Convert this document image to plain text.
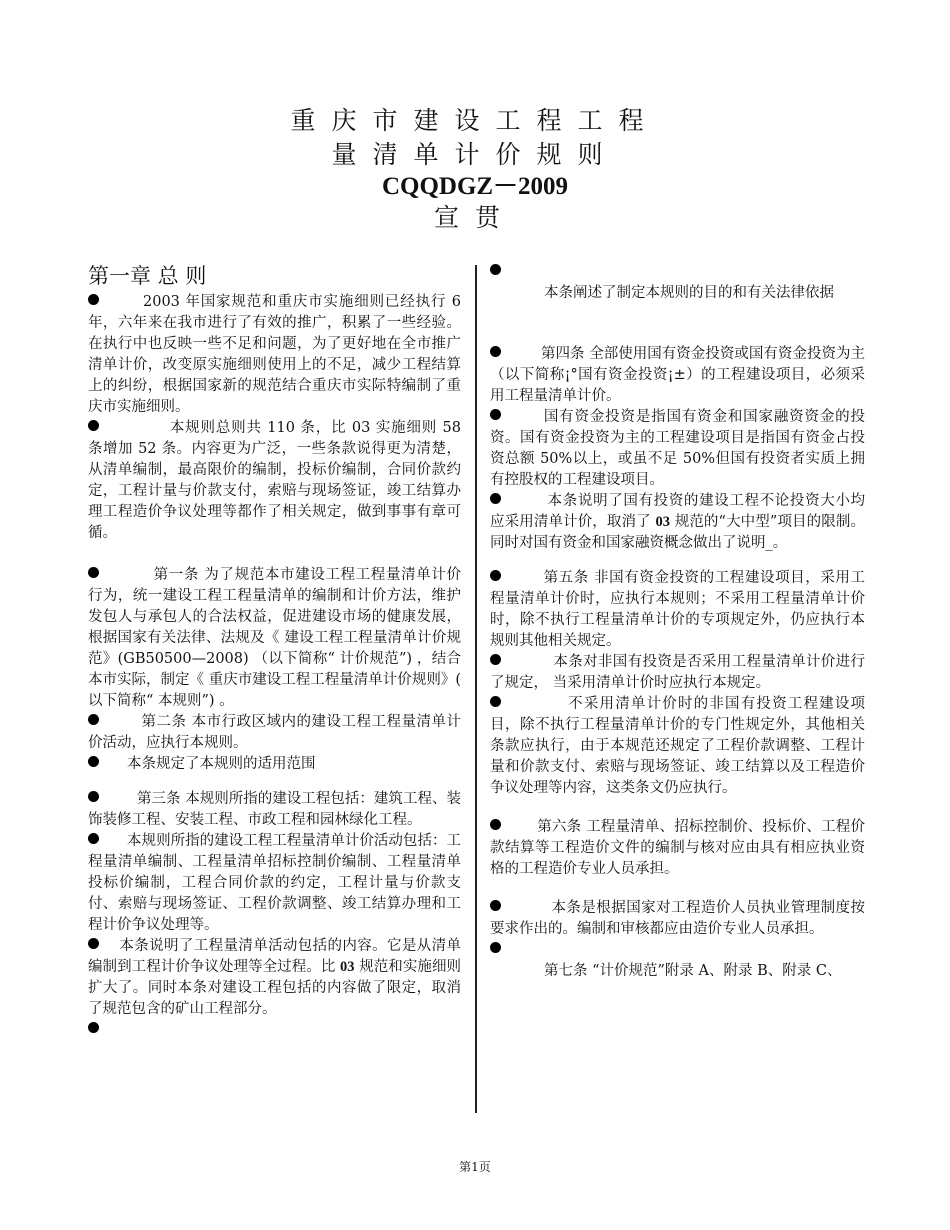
重庆市建设工程工程
量清单计价规则
CQQDGZ－2009
宣贯
第一章 总 则

2003 年国家规范和重庆市实施细则已经执行 6 年，六年来在我市进行了有效的推广，积累了一些经验。在执行中也反映一些不足和问题，为了更好地在全市推广清单计价，改变原实施细则使用上的不足，减少工程结算上的纠纷，根据国家新的规范结合重庆市实际特编制了重庆市实施细则。

本规则总则共 110 条，比 03 实施细则 58 条增加 52 条。内容更为广泛，一些条款说得更为清楚，从清单编制，最高限价的编制，投标价编制，合同价款约定，工程计量与价款支付，索赔与现场签证，竣工结算办理工程造价争议处理等都作了相关规定，做到事事有章可循。

第一条 为了规范本市建设工程工程量清单计价行为，统一建设工程工程量清单的编制和计价方法，维护发包人与承包人的合法权益，促进建设市场的健康发展，根据国家有关法律、法规及《 建设工程工程量清单计价规范》(GB50500—2008) （以下简称“ 计价规范”) ，结合本市实际，制定《 重庆市建设工程工程量清单计价规则》( 以下简称“ 本规则”) 。

第二条 本市行政区域内的建设工程工程量清单计价活动，应执行本规则。

本条规定了本规则的适用范围

第三条 本规则所指的建设工程包括：建筑工程、装饰装修工程、安装工程、市政工程和园林绿化工程。

本规则所指的建设工程工程量清单计价活动包括：工程量清单编制、工程量清单招标控制价编制、工程量清单投标价编制，工程合同价款的约定，工程计量与价款支付、索赔与现场签证、工程价款调整、竣工结算办理和工程计价争议处理等。

本条说明了工程量清单活动包括的内容。它是从清单编制到工程计价争议处理等全过程。比 03 规范和实施细则扩大了。同时本条对建设工程包括的内容做了限定，取消了规范包含的矿山工程部分。

本条阐述了制定本规则的目的和有关法律依据

第四条 全部使用国有资金投资或国有资金投资为主（以下简称¡°国有资金投资¡±）的工程建设项目，必须采用工程量清单计价。

国有资金投资是指国有资金和国家融资资金的投资。国有资金投资为主的工程建设项目是指国有资金占投资总额 50%以上，或虽不足 50%但国有投资者实质上拥有控股权的工程建设项目。

本条说明了国有投资的建设工程不论投资大小均应采用清单计价，取消了 03 规范的“大中型”项目的限制。同时对国有资金和国家融资概念做出了说明_。

第五条 非国有资金投资的工程建设项目，采用工程量清单计价时，应执行本规则；不采用工程量清单计价时，除不执行工程量清单计价的专项规定外，仍应执行本规则其他相关规定。

本条对非国有投资是否采用工程量清单计价进行了规定， 当采用清单计价时应执行本规定。

不采用清单计价时的非国有投资工程建设项目，除不执行工程量清单计价的专门性规定外，其他相关条款应执行，由于本规范还规定了工程价款调整、工程计量和价款支付、索赔与现场签证、竣工结算以及工程造价争议处理等内容，这类条文仍应执行。

第六条 工程量清单、招标控制价、投标价、工程价款结算等工程造价文件的编制与核对应由具有相应执业资格的工程造价专业人员承担。

本条是根据国家对工程造价人员执业管理制度按要求作出的。编制和审核都应由造价专业人员承担。

第七条 “计价规范”附录 A、附录 B、附录 C、

第1页
